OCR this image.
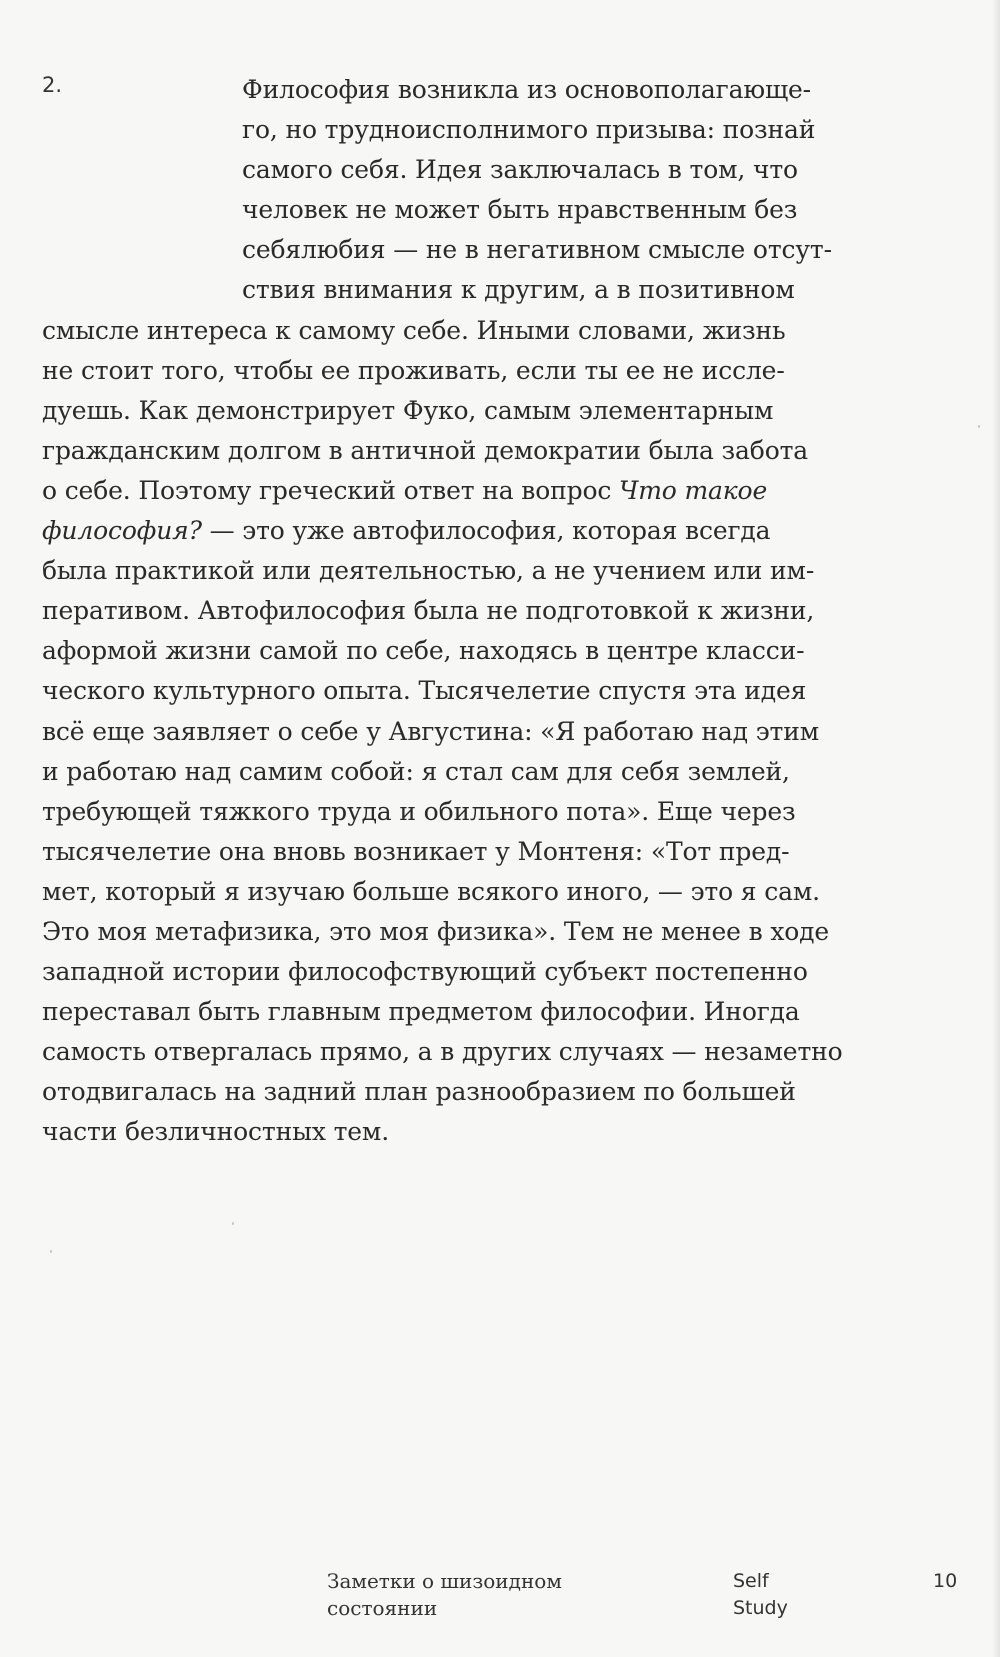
2.	Философия возникла из основополагающе-
го, но трудноисполнимого призыва: познай
самого себя. Идея заключалась в том, что
человек не может быть нравственным без
себялюбия — не в негативном смысле отсут-
ствия внимания к другим, а в позитивном
смысле интереса к самому себе. Иными словами, жизнь
не стоит того, чтобы ее проживать, если ты ее не иссле-
дуешь. Как демонстрирует Фуко, самым элементарным
гражданским долгом в античной демократии была забота
о себе. Поэтому греческий ответ на вопрос Что такое
философия? — это уже автофилософия, которая всегда
была практикой или деятельностью, а не учением или им-
перативом. Автофилософия была не подготовкой к жизни,
аформой жизни самой по себе, находясь в центре класси-
ческого культурного опыта. Тысячелетие спустя эта идея
всё еще заявляет о себе у Августина: «Я работаю над этим
и работаю над самим собой: я стал сам для себя землей,
требующей тяжкого труда и обильного пота». Еще через
тысячелетие она вновь возникает у Монтеня: «Тот пред-
мет, который я изучаю больше всякого иного, — это я сам.
Это моя метафизика, это моя физика». Тем не менее в ходе
западной истории философствующий субъект постепенно
переставал быть главным предметом философии. Иногда
самость отвергалась прямо, а в других случаях — незаметно
отодвигалась на задний план разнообразием по большей
части безличностных тем.
Заметки о шизоидном
состоянии
Self
Study
10
